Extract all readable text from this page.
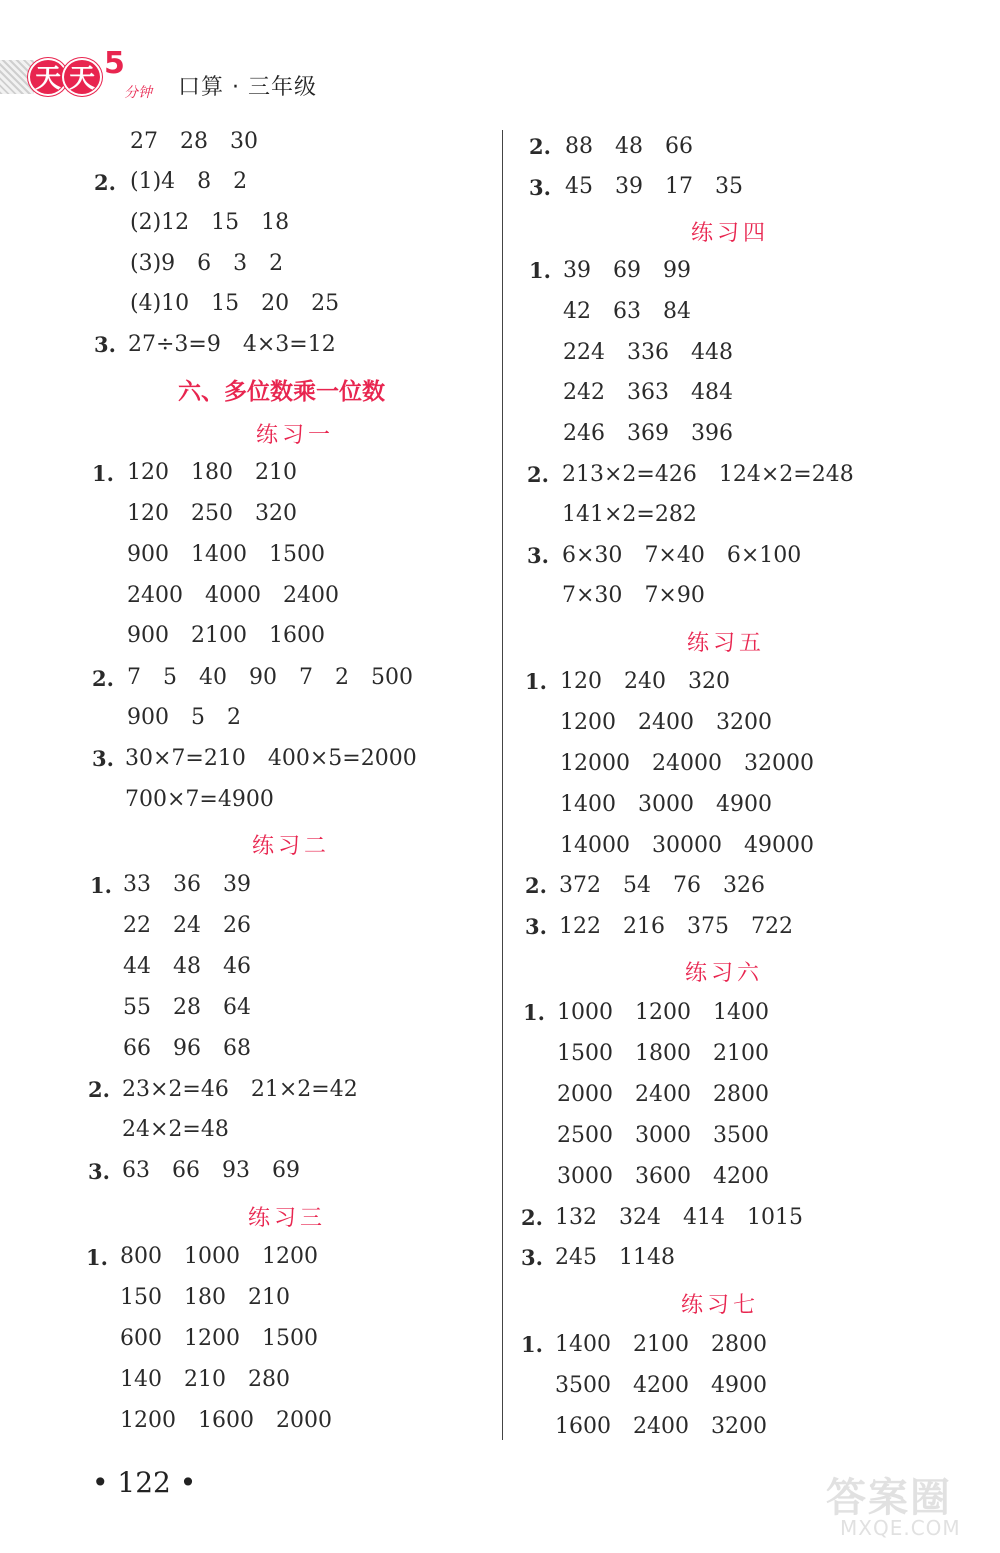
天 天 5
分钟 口算 · 三年级
27 28 30
2. (1)4 8 2
(2)12 15 18
(3)9 6 3 2
(4)10 15 20 25
3. 27÷3=9 4×3=12
六、多位数乘一位数
练习一
1. 120 180 210
120 250 320
900 1400 1500
2400 4000 2400
900 2100 1600
2. 7 5 40 90 7 2 500
900 5 2
3. 30×7=210 400×5=2000
700×7=4900
练习二
1. 33 36 39
22 24 26
44 48 46
55 28 64
66 96 68
2. 23×2=46 21×2=42
24×2=48
3. 63 66 93 69
练习三
1. 800 1000 1200
150 180 210
600 1200 1500
140 210 280
1200 1600 2000
2. 88 48 66
3. 45 39 17 35
练习四
1. 39 69 99
42 63 84
224 336 448
242 363 484
246 369 396
2. 213×2=426 124×2=248
141×2=282
3. 6×30 7×40 6×100
7×30 7×90
练习五
1. 120 240 320
1200 2400 3200
12000 24000 32000
1400 3000 4900
14000 30000 49000
2. 372 54 76 326
3. 122 216 375 722
练习六
1. 1000 1200 1400
1500 1800 2100
2000 2400 2800
2500 3000 3500
3000 3600 4200
2. 132 324 414 1015
3. 245 1148
练习七
1. 1400 2100 2800
3500 4200 4900
1600 2400 3200
• 122 •	答案圈
MXQE.COM
